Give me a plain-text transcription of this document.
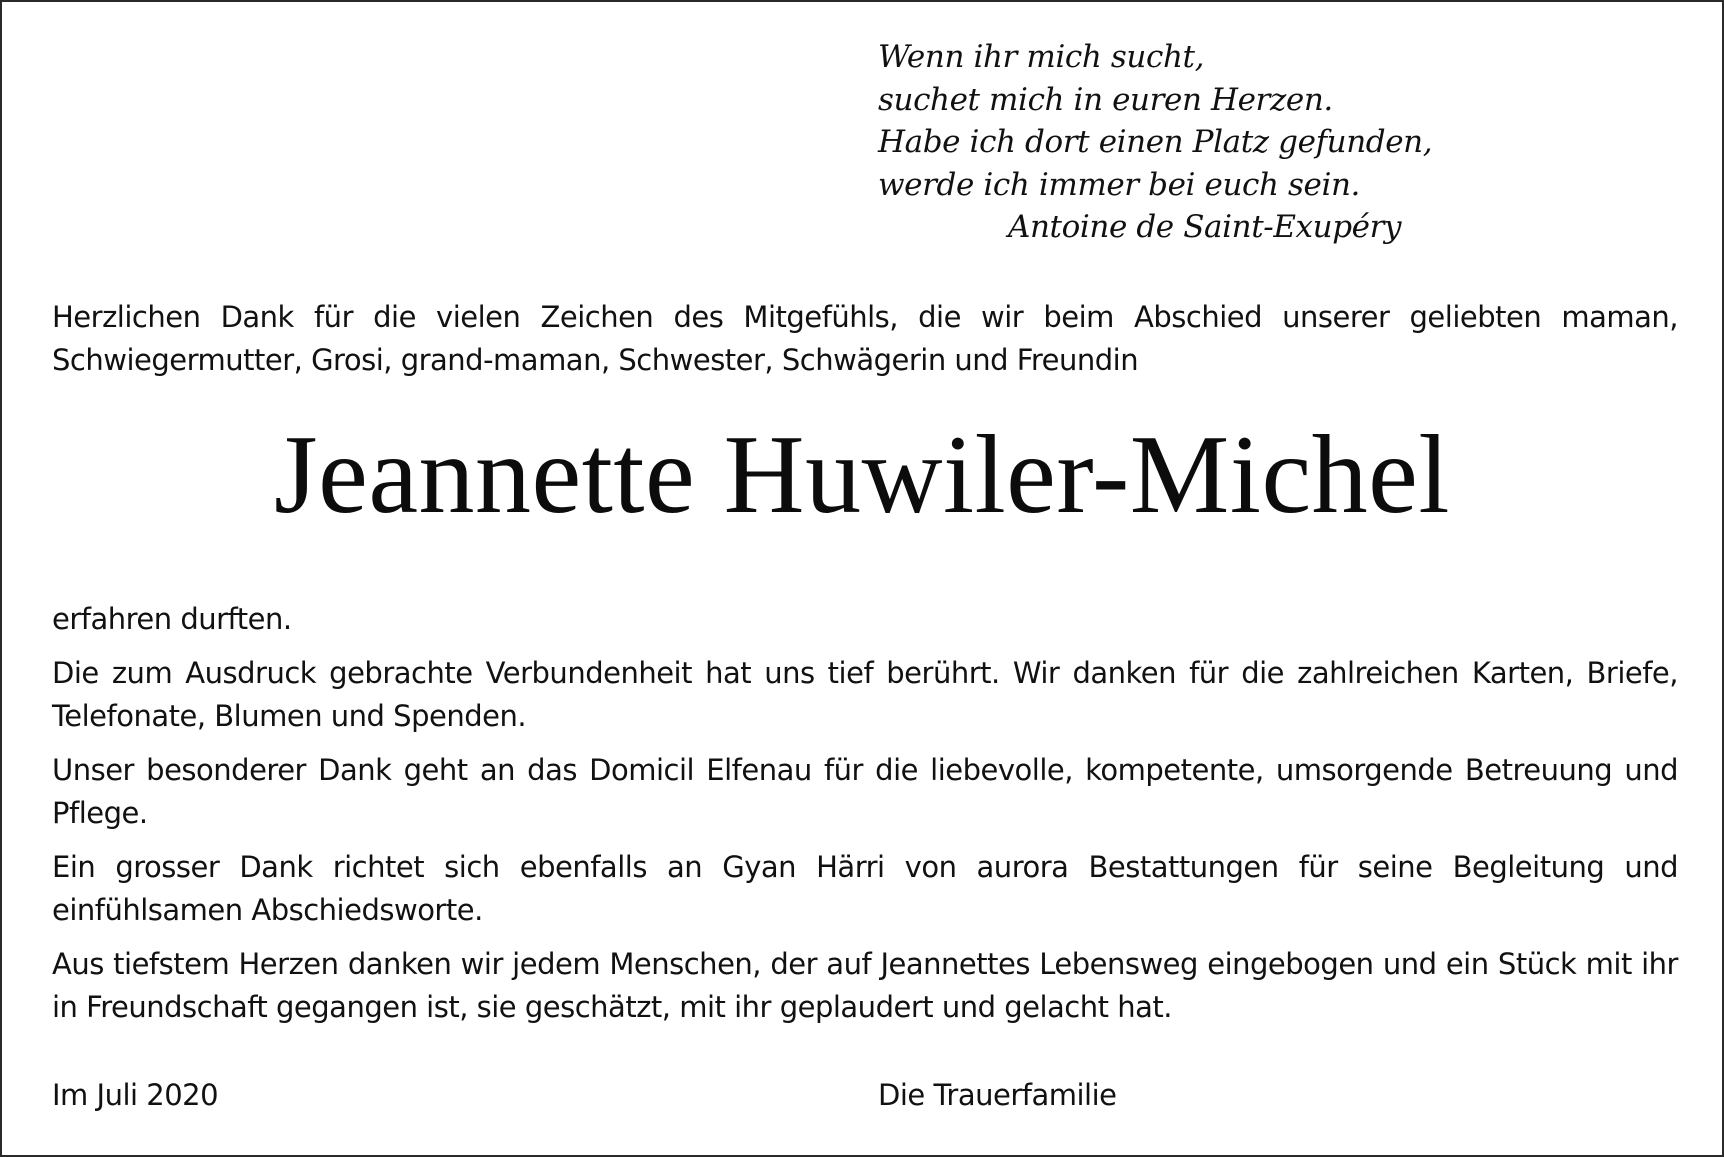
Wenn ihr mich sucht,
suchet mich in euren Herzen.
Habe ich dort einen Platz gefunden,
werde ich immer bei euch sein.
Antoine de Saint-Exupéry

Herzlichen Dank für die vielen Zeichen des Mitgefühls, die wir beim Abschied unserer geliebten maman, Schwiegermutter, Grosi, grand-maman, Schwester, Schwägerin und Freundin

Jeannette Huwiler-Michel

erfahren durften.

Die zum Ausdruck gebrachte Verbundenheit hat uns tief berührt. Wir danken für die zahlreichen Karten, Briefe, Telefonate, Blumen und Spenden.

Unser besonderer Dank geht an das Domicil Elfenau für die liebevolle, kompetente, umsorgende Betreuung und Pflege.

Ein grosser Dank richtet sich ebenfalls an Gyan Härri von aurora Bestattungen für seine Begleitung und einfühlsamen Abschiedsworte.

Aus tiefstem Herzen danken wir jedem Menschen, der auf Jeannettes Lebensweg eingebogen und ein Stück mit ihr in Freundschaft gegangen ist, sie geschätzt, mit ihr geplaudert und gelacht hat.

Im Juli 2020	Die Trauerfamilie
